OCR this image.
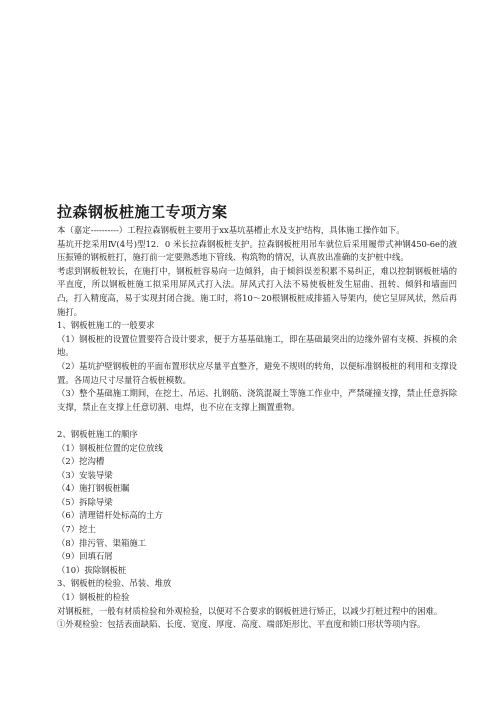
拉森钢板桩施工专项方案

本（嘉定----------）工程拉森钢板桩主要用于xx基坑基槽止水及支护结构，具体施工操作如下。

基坑开挖采用Ⅳ(4号)型12．0 米长拉森钢板桩支护。拉森钢板桩用吊车就位后采用履带式神钢450-6e的液压振锤的钢板桩打，施打前一定要熟悉地下管线、构筑物的情况，认真放出准确的支护桩中线。

考虑到钢板桩较长，在施打中，钢板桩容易向一边倾斜，由于倾斜误差积累不易纠正，难以控制钢板桩墙的平直度，所以钢板桩施工拟采用屏风式打入法。屏风式打入法不易使板桩发生屈曲、扭转、倾斜和墙面凹凸，打入精度高，易于实现封闭合拢。施工时，将10～20根钢板桩成排插入导架内，使它呈屏风状，然后再施打。

1、钢板桩施工的一般要求

（1）钢板桩的设置位置要符合设计要求，便于方基基础施工，即在基础最突出的边缘外留有支模、拆模的余地。

（2）基坑护壁钢板桩的平面布置形状应尽量平直整齐，避免不规则的转角，以便标准钢板桩的利用和支撑设置。各周边尺寸尽量符合板桩模数。

（3）整个基础施工期间，在挖土、吊运、扎钢筋、浇筑混凝土等施工作业中，严禁碰撞支撑，禁止任意拆除支撑，禁止在支撑上任意切割、电焊，也不应在支撑上搁置重物。

2、钢板桩施工的顺序

（1）钢板桩位置的定位放线

（2）挖沟槽

（3）安装导梁

（4）施打钢板桩瞩

（5）拆除导梁

（6）清理错杆处标高的土方

（7）挖土

（8）排污管、渠箱施工

（9）回填石屑

（10）拔除钢板桩

3、钢板桩的检验、吊装、堆放

（1）钢板桩的检验

对钢板桩，一般有材质检验和外观检验，以便对不合要求的钢板桩进行矫正，以减少打桩过程中的困难。

①外观检验：包括表面缺陷、长度、宽度、厚度、高度、端部矩形比、平直度和锁口形状等项内容。
